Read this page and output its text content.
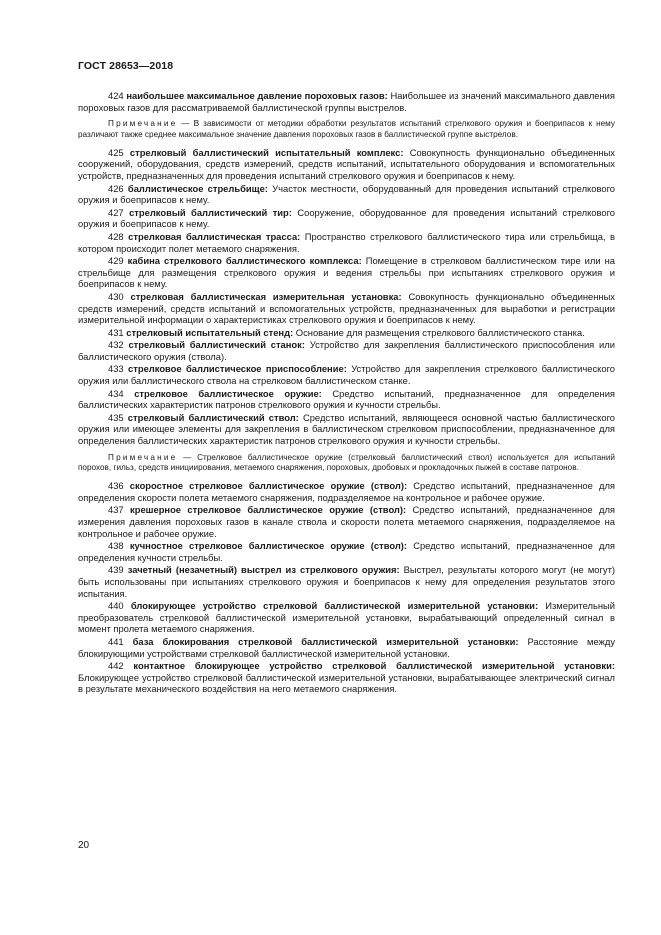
ГОСТ 28653—2018

424 наибольшее максимальное давление пороховых газов: Наибольшее из значений максимального давления пороховых газов для рассматриваемой баллистической группы выстрелов.

Примечание — В зависимости от методики обработки результатов испытаний стрелкового оружия и боеприпасов к нему различают также среднее максимальное значение давления пороховых газов в баллистической группе выстрелов.

425 стрелковый баллистический испытательный комплекс: Совокупность функционально объединенных сооружений, оборудования, средств измерений, средств испытаний, испытательного оборудования и вспомогательных устройств, предназначенных для проведения испытаний стрелкового оружия и боеприпасов к нему.

426 баллистическое стрельбище: Участок местности, оборудованный для проведения испытаний стрелкового оружия и боеприпасов к нему.

427 стрелковый баллистический тир: Сооружение, оборудованное для проведения испытаний стрелкового оружия и боеприпасов к нему.

428 стрелковая баллистическая трасса: Пространство стрелкового баллистического тира или стрельбища, в котором происходит полет метаемого снаряжения.

429 кабина стрелкового баллистического комплекса: Помещение в стрелковом баллистическом тире или на стрельбище для размещения стрелкового оружия и ведения стрельбы при испытаниях стрелкового оружия и боеприпасов к нему.

430 стрелковая баллистическая измерительная установка: Совокупность функционально объединенных средств измерений, средств испытаний и вспомогательных устройств, предназначенных для выработки и регистрации измерительной информации о характеристиках стрелкового оружия и боеприпасов к нему.

431 стрелковый испытательный стенд: Основание для размещения стрелкового баллистического станка.

432 стрелковый баллистический станок: Устройство для закрепления баллистического приспособления или баллистического оружия (ствола).

433 стрелковое баллистическое приспособление: Устройство для закрепления стрелкового баллистического оружия или баллистического ствола на стрелковом баллистическом станке.

434 стрелковое баллистическое оружие: Средство испытаний, предназначенное для определения баллистических характеристик патронов стрелкового оружия и кучности стрельбы.

435 стрелковый баллистический ствол: Средство испытаний, являющееся основной частью баллистического оружия или имеющее элементы для закрепления в баллистическом стрелковом приспособлении, предназначенное для определения баллистических характеристик патронов стрелкового оружия и кучности стрельбы.

Примечание — Стрелковое баллистическое оружие (стрелковый баллистический ствол) используется для испытаний порохов, гильз, средств инициирования, метаемого снаряжения, пороховых, дробовых и прокладочных пыжей в составе патронов.

436 скоростное стрелковое баллистическое оружие (ствол): Средство испытаний, предназначенное для определения скорости полета метаемого снаряжения, подразделяемое на контрольное и рабочее оружие.

437 крешерное стрелковое баллистическое оружие (ствол): Средство испытаний, предназначенное для измерения давления пороховых газов в канале ствола и скорости полета метаемого снаряжения, подразделяемое на контрольное и рабочее оружие.

438 кучностное стрелковое баллистическое оружие (ствол): Средство испытаний, предназначенное для определения кучности стрельбы.

439 зачетный (незачетный) выстрел из стрелкового оружия: Выстрел, результаты которого могут (не могут) быть использованы при испытаниях стрелкового оружия и боеприпасов к нему для определения результатов этого испытания.

440 блокирующее устройство стрелковой баллистической измерительной установки: Измерительный преобразователь стрелковой баллистической измерительной установки, вырабатывающий определенный сигнал в момент пролета метаемого снаряжения.

441 база блокирования стрелковой баллистической измерительной установки: Расстояние между блокирующими устройствами стрелковой баллистической измерительной установки.

442 контактное блокирующее устройство стрелковой баллистической измерительной установки: Блокирующее устройство стрелковой баллистической измерительной установки, вырабатывающее электрический сигнал в результате механического воздействия на него метаемого снаряжения.

20
